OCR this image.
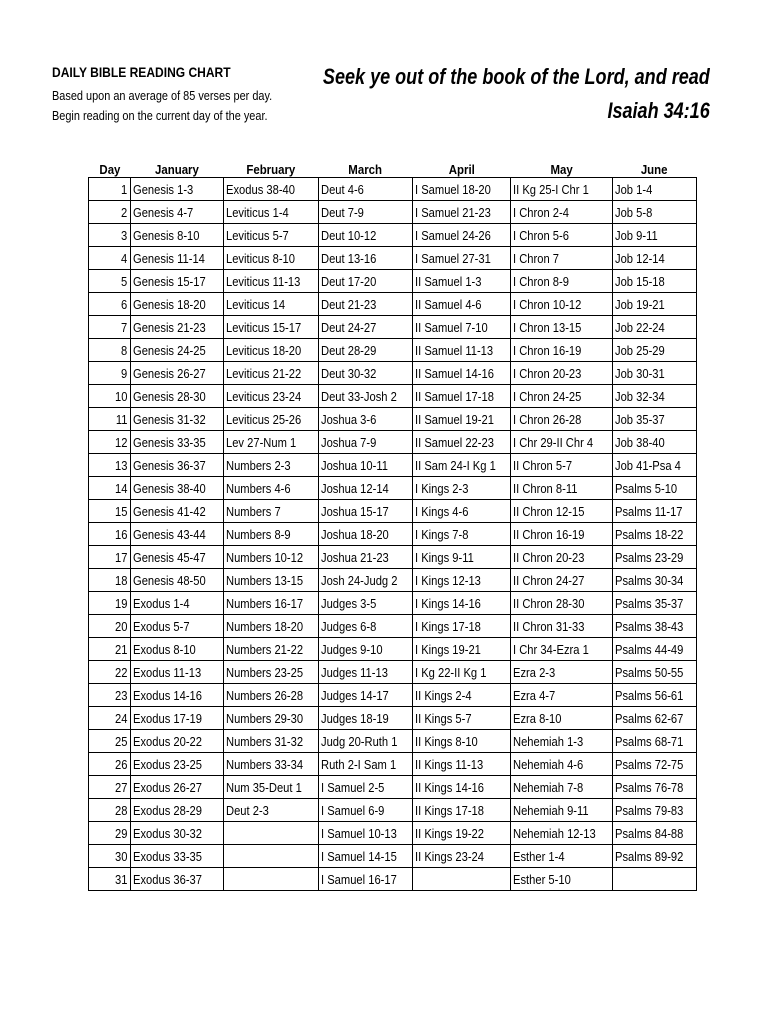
DAILY BIBLE READING CHART
Based upon an average of 85 verses per day.
Begin reading on the current day of the year.
Seek ye out of the book of the Lord, and read
Isaiah 34:16
Day	January	February	March	April	May	June
1	Genesis 1-3	Exodus 38-40	Deut 4-6	I Samuel 18-20	II Kg 25-I Chr 1	Job 1-4
2	Genesis 4-7	Leviticus 1-4	Deut 7-9	I Samuel 21-23	I Chron 2-4	Job 5-8
3	Genesis 8-10	Leviticus 5-7	Deut 10-12	I Samuel 24-26	I Chron 5-6	Job 9-11
4	Genesis 11-14	Leviticus 8-10	Deut 13-16	I Samuel 27-31	I Chron 7	Job 12-14
5	Genesis 15-17	Leviticus 11-13	Deut 17-20	II Samuel 1-3	I Chron 8-9	Job 15-18
6	Genesis 18-20	Leviticus 14	Deut 21-23	II Samuel 4-6	I Chron 10-12	Job 19-21
7	Genesis 21-23	Leviticus 15-17	Deut 24-27	II Samuel 7-10	I Chron 13-15	Job 22-24
8	Genesis 24-25	Leviticus 18-20	Deut 28-29	II Samuel 11-13	I Chron 16-19	Job 25-29
9	Genesis 26-27	Leviticus 21-22	Deut 30-32	II Samuel 14-16	I Chron 20-23	Job 30-31
10	Genesis 28-30	Leviticus 23-24	Deut 33-Josh 2	II Samuel 17-18	I Chron 24-25	Job 32-34
11	Genesis 31-32	Leviticus 25-26	Joshua 3-6	II Samuel 19-21	I Chron 26-28	Job 35-37
12	Genesis 33-35	Lev 27-Num 1	Joshua 7-9	II Samuel 22-23	I Chr 29-II Chr 4	Job 38-40
13	Genesis 36-37	Numbers 2-3	Joshua 10-11	II Sam 24-I Kg 1	II Chron 5-7	Job 41-Psa 4
14	Genesis 38-40	Numbers 4-6	Joshua 12-14	I Kings 2-3	II Chron 8-11	Psalms 5-10
15	Genesis 41-42	Numbers 7	Joshua 15-17	I Kings 4-6	II Chron 12-15	Psalms 11-17
16	Genesis 43-44	Numbers 8-9	Joshua 18-20	I Kings 7-8	II Chron 16-19	Psalms 18-22
17	Genesis 45-47	Numbers 10-12	Joshua 21-23	I Kings 9-11	II Chron 20-23	Psalms 23-29
18	Genesis 48-50	Numbers 13-15	Josh 24-Judg 2	I Kings 12-13	II Chron 24-27	Psalms 30-34
19	Exodus 1-4	Numbers 16-17	Judges 3-5	I Kings 14-16	II Chron 28-30	Psalms 35-37
20	Exodus 5-7	Numbers 18-20	Judges 6-8	I Kings 17-18	II Chron 31-33	Psalms 38-43
21	Exodus 8-10	Numbers 21-22	Judges 9-10	I Kings 19-21	I Chr 34-Ezra 1	Psalms 44-49
22	Exodus 11-13	Numbers 23-25	Judges 11-13	I Kg 22-II Kg 1	Ezra 2-3	Psalms 50-55
23	Exodus 14-16	Numbers 26-28	Judges 14-17	II Kings 2-4	Ezra 4-7	Psalms 56-61
24	Exodus 17-19	Numbers 29-30	Judges 18-19	II Kings 5-7	Ezra 8-10	Psalms 62-67
25	Exodus 20-22	Numbers 31-32	Judg 20-Ruth 1	II Kings 8-10	Nehemiah 1-3	Psalms 68-71
26	Exodus 23-25	Numbers 33-34	Ruth 2-I Sam 1	II Kings 11-13	Nehemiah 4-6	Psalms 72-75
27	Exodus 26-27	Num 35-Deut 1	I Samuel 2-5	II Kings 14-16	Nehemiah 7-8	Psalms 76-78
28	Exodus 28-29	Deut 2-3	I Samuel 6-9	II Kings 17-18	Nehemiah 9-11	Psalms 79-83
29	Exodus 30-32		I Samuel 10-13	II Kings 19-22	Nehemiah 12-13	Psalms 84-88
30	Exodus 33-35		I Samuel 14-15	II Kings 23-24	Esther 1-4	Psalms 89-92
31	Exodus 36-37		I Samuel 16-17		Esther 5-10	
